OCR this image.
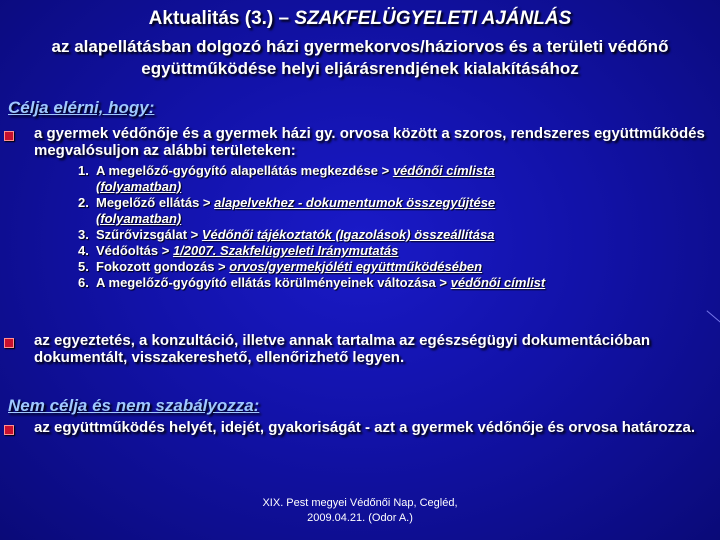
Aktualitás (3.) – SZAKFELÜGYELETI AJÁNLÁS
az alapellátásban dolgozó házi gyermekorvos/háziorvos és a területi védőnő együttműködése helyi eljárásrendjének kialakításához
Célja elérni, hogy:
a gyermek védőnője és a gyermek házi gy. orvosa között a szoros, rendszeres együttműködés megvalósuljon az alábbi területeken:
1. A megelőző-gyógyító alapellátás megkezdése > védőnői címlista
(folyamatban)
2. Megelőző ellátás > alapelvekhez - dokumentumok összegyűjtése
(folyamatban)
3. Szűrővizsgálat > Védőnői tájékoztatók (Igazolások) összeállítása
4. Védőoltás > 1/2007. Szakfelügyeleti Iránymutatás
5. Fokozott gondozás > orvos/gyermekjóléti együttműködésében
6. A megelőző-gyógyító ellátás körülményeinek változása > védőnői címlist
az egyeztetés, a konzultáció, illetve annak tartalma az egészségügyi dokumentációban dokumentált, visszakereshető, ellenőrizhető legyen.
Nem célja és nem szabályozza:
az együttműködés helyét, idejét, gyakoriságát - azt a gyermek védőnője és orvosa határozza.
XIX. Pest megyei Védőnői Nap, Cegléd,
2009.04.21. (Odor A.)
